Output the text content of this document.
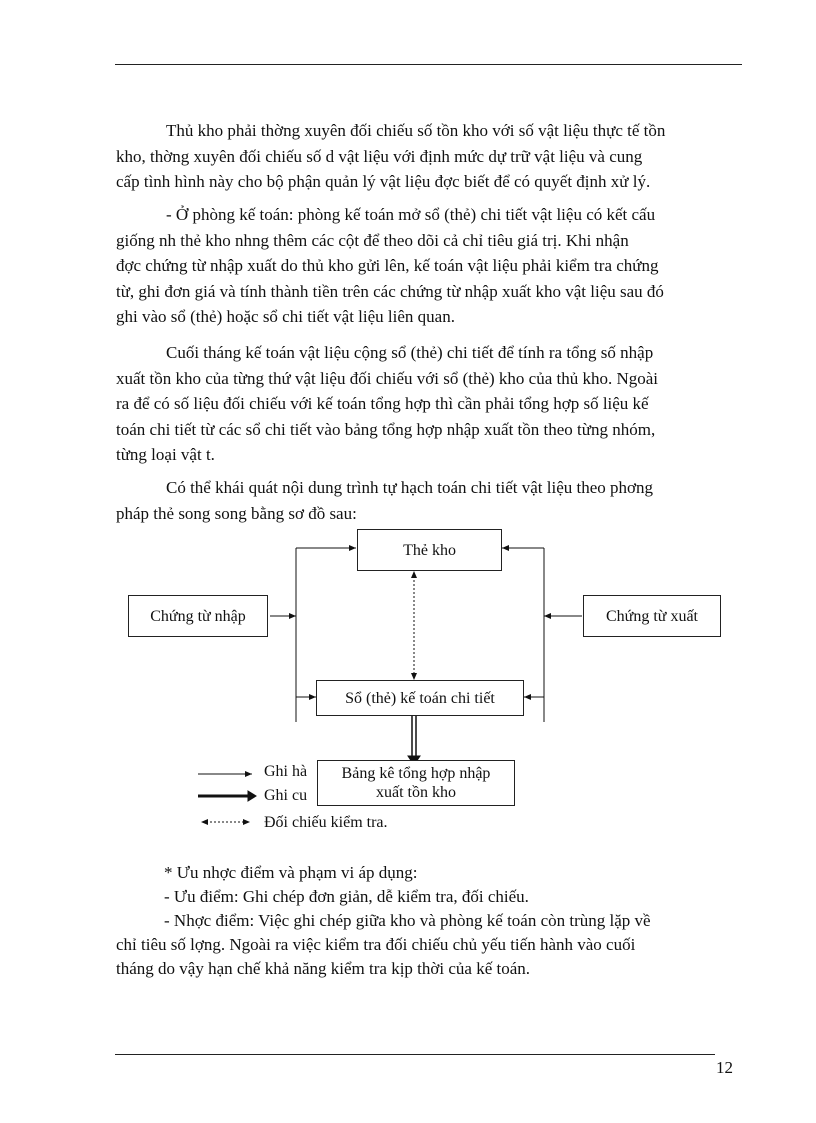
Thủ kho phải thờng xuyên đối chiếu số tồn kho với số vật liệu thực tế tồn
kho, thờng xuyên đối chiếu số d vật liệu với định mức dự trữ vật liệu và cung
cấp tình hình này cho bộ phận quản lý vật liệu đợc biết để có quyết định xử lý.

- Ở phòng kế toán: phòng kế toán mở sổ (thẻ) chi tiết vật liệu có kết cấu
giống nh thẻ kho nhng thêm các cột để theo dõi cả chỉ tiêu giá trị. Khi nhận
đợc chứng từ nhập xuất do thủ kho gửi lên, kế toán vật liệu phải kiểm tra chứng
từ, ghi đơn giá và tính thành tiền trên các chứng từ nhập xuất kho vật liệu sau đó
ghi vào sổ (thẻ) hoặc sổ chi tiết vật liệu liên quan.

Cuối tháng kế toán vật liệu cộng sổ (thẻ) chi tiết để tính ra tổng số nhập
xuất tồn kho của từng thứ vật liệu đối chiếu với sổ (thẻ) kho của thủ kho. Ngoài
ra để có số liệu đối chiếu với kế toán tổng hợp thì cần phải tổng hợp số liệu kế
toán chi tiết từ các sổ chi tiết vào bảng tổng hợp nhập xuất tồn theo từng nhóm,
từng loại vật t.

Có thể khái quát nội dung trình tự hạch toán chi tiết vật liệu theo phơng
pháp thẻ song song bằng sơ đồ sau:

Thẻ kho
Chứng từ nhập	Chứng từ xuất
Sổ (thẻ) kế toán chi tiết
Ghi hà
Ghi cu
Đối chiếu kiểm tra.
Bảng kê tổng hợp nhập
xuất tồn kho

* Ưu nhợc điểm và phạm vi áp dụng:
- Ưu điểm: Ghi chép đơn giản, dễ kiểm tra, đối chiếu.
- Nhợc điểm: Việc ghi chép giữa kho và phòng kế toán còn trùng lặp về
chỉ tiêu số lợng. Ngoài ra việc kiểm tra đối chiếu chủ yếu tiến hành vào cuối
tháng do vậy hạn chế khả năng kiểm tra kịp thời của kế toán.

12
